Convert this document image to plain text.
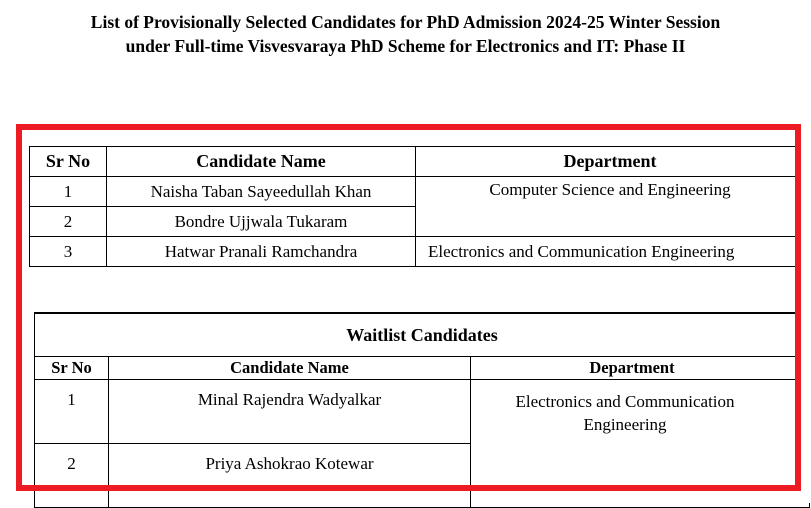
List of Provisionally Selected Candidates for PhD Admission 2024-25 Winter Session
under Full-time Visvesvaraya PhD Scheme for Electronics and IT: Phase II
Sr No	Candidate Name	Department
1	Naisha Taban Sayeedullah Khan	Computer Science and Engineering
2	Bondre Ujjwala Tukaram	
3	Hatwar Pranali Ramchandra	Electronics and Communication Engineering
Waitlist Candidates		
Sr No	Candidate Name	Department
1	Minal Rajendra Wadyalkar	Electronics and Communication Engineering

2	Priya Ashokrao Kotewar	
